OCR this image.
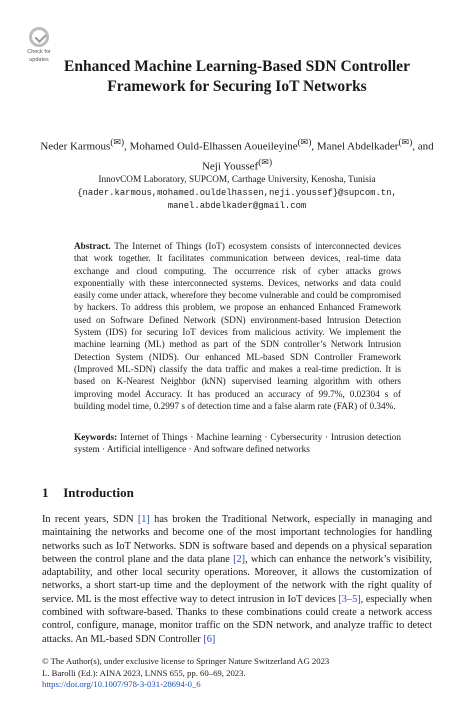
Check for
updates Enhanced Machine Learning-Based SDN Controller Framework for Securing IoT Networks
Neder Karmous(✉), Mohamed Ould-Elhassen Aoueileyine(✉), Manel Abdelkader(✉), and Neji Youssef(✉)
InnovCOM Laboratory, SUPCOM, Carthage University, Kenosha, Tunisia
{nader.karmous,mohamed.ouldelhassen,neji.youssef}@supcom.tn,
manel.abdelkader@gmail.com

Abstract. The Internet of Things (IoT) ecosystem consists of interconnected devices that work together. It facilitates communication between devices, real-time data exchange and cloud computing. The occurrence risk of cyber attacks grows exponentially with these interconnected systems. Devices, networks and data could easily come under attack, wherefore they become vulnerable and could be compromised by hackers. To address this problem, we propose an enhanced Enhanced Framework used on Software Defined Network (SDN) environment-based Intrusion Detection System (IDS) for securing IoT devices from malicious activity. We implement the machine learning (ML) method as part of the SDN controller’s Network Intrusion Detection System (NIDS). Our enhanced ML-based SDN Controller Framework (Improved ML-SDN) classify the data traffic and makes a real-time prediction. It is based on K-Nearest Neighbor (kNN) supervised learning algorithm with others improving model Accuracy. It has produced an accuracy of 99.7%, 0.02304 s of building model time, 0.2997 s of detection time and a false alarm rate (FAR) of 0.34%.

Keywords: Internet of Things · Machine learning · Cybersecurity · Intrusion detection system · Artificial intelligence · And software defined networks

1 Introduction

In recent years, SDN [1] has broken the Traditional Network, especially in managing and maintaining the networks and become one of the most important technologies for handling networks such as IoT Networks. SDN is software based and depends on a physical separation between the control plane and the data plane [2], which can enhance the network’s visibility, adaptability, and other local security operations. Moreover, it allows the customization of networks, a short start-up time and the deployment of the network with the right quality of service. ML is the most effective way to detect intrusion in IoT devices [3–5], especially when combined with software-based. Thanks to these combinations could create a network access control, configure, manage, monitor traffic on the SDN network, and analyze traffic to detect attacks. An ML-based SDN Controller [6]

© The Author(s), under exclusive license to Springer Nature Switzerland AG 2023
L. Barolli (Ed.): AINA 2023, LNNS 655, pp. 60–69, 2023.
https://doi.org/10.1007/978-3-031-28694-0_6
